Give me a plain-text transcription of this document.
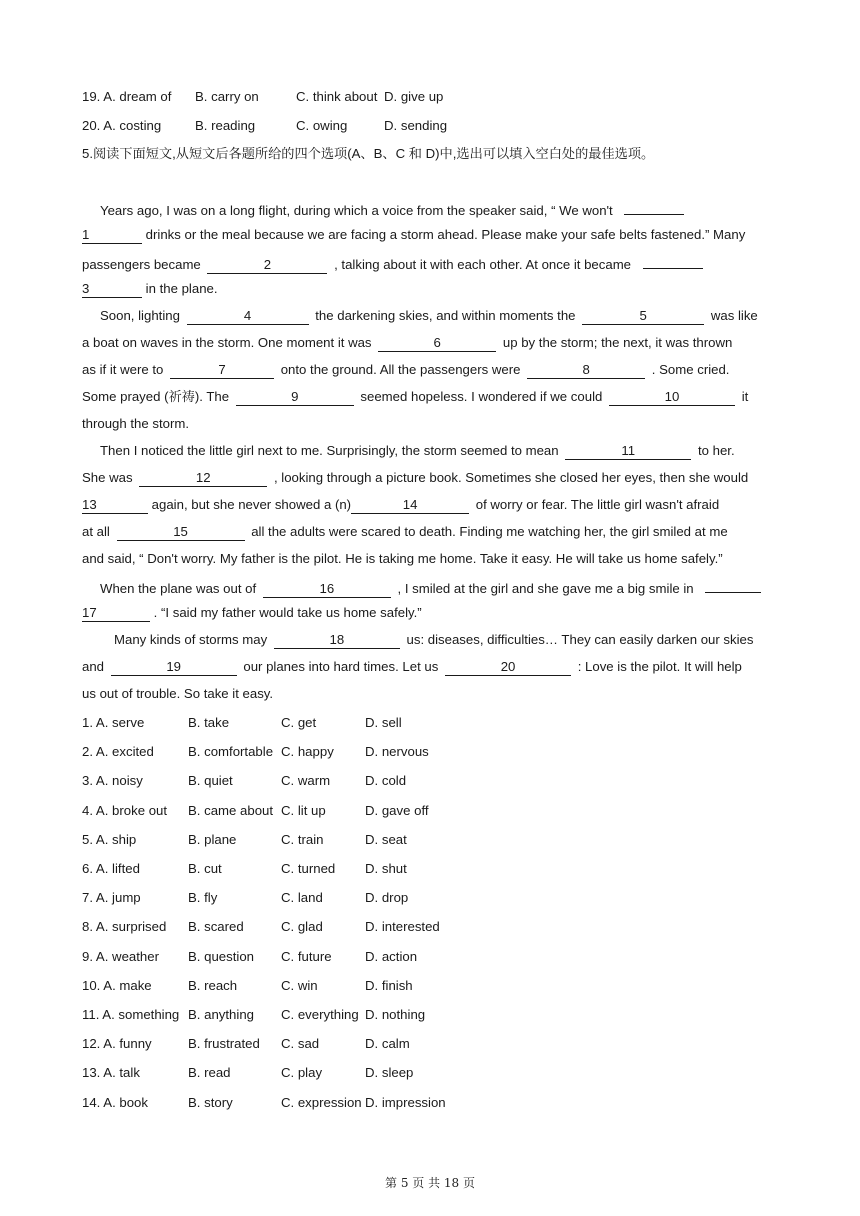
19. A. dream of B. carry on	C. think about D. give up
20. A. costing	B. reading	C. owing	D. sending
5.阅读下面短文,从短文后各题所给的四个选项(A、B、C 和 D)中,选出可以填入空白处的最佳选项。
Years ago, I was on a long flight, during which a voice from the speaker said, “ We won't
1	drinks or the meal because we are facing a storm ahead. Please make your safe belts fastened.” Many
passengers became	2	, talking about it with each other. At once it became
3	in the plane.
Soon, lighting	4	the darkening skies, and within moments the	5	was like
a boat on waves in the storm. One moment it was	6	up by the storm; the next, it was thrown
as if it were to	7	onto the ground. All the passengers were	8	. Some cried.
Some prayed (祈祷). The	9	seemed hopeless. I wondered if we could	10	it
through the storm.
Then I noticed the little girl next to me. Surprisingly, the storm seemed to mean	11	to her.
She was	12	, looking through a picture book. Sometimes she closed her eyes, then she would
13	again, but she never showed a (n)	14	of worry or fear. The little girl wasn't afraid
at all	15	all the adults were scared to death. Finding me watching her, the girl smiled at me
and said, “ Don't worry. My father is the pilot. He is taking me home. Take it easy. He will take us home safely.”
When the plane was out of	16	, I smiled at the girl and she gave me a big smile in
17	. “I said my father would take us home safely.”
Many kinds of storms may	18	us: diseases, difficulties… They can easily darken our skies
and	19	our planes into hard times. Let us	20	: Love is the pilot. It will help
us out of trouble. So take it easy.
1. A. serve	B. take	C. get	D. sell
2. A. excited	B. comfortable C. happy D. nervous
3. A. noisy	B. quiet	C. warm	D. cold
4. A. broke out B. came about C. lit up	D. gave off
5. A. ship	B. plane	C. train	D. seat
6. A. lifted	B. cut	C. turned D. shut
7. A. jump	B. fly	C. land	D. drop
8. A. surprised B. scared	C. glad	D. interested
9. A. weather B. question C. future	D. action
10. A. make	B. reach	C. win	D. finish
11. A. something B. anything C. everything D. nothing
12. A. funny	B. frustrated C. sad	D. calm
13. A. talk	B. read	C. play	D. sleep
14. A. book	B. story	C. expression D. impression
第 5 页 共 18 页
